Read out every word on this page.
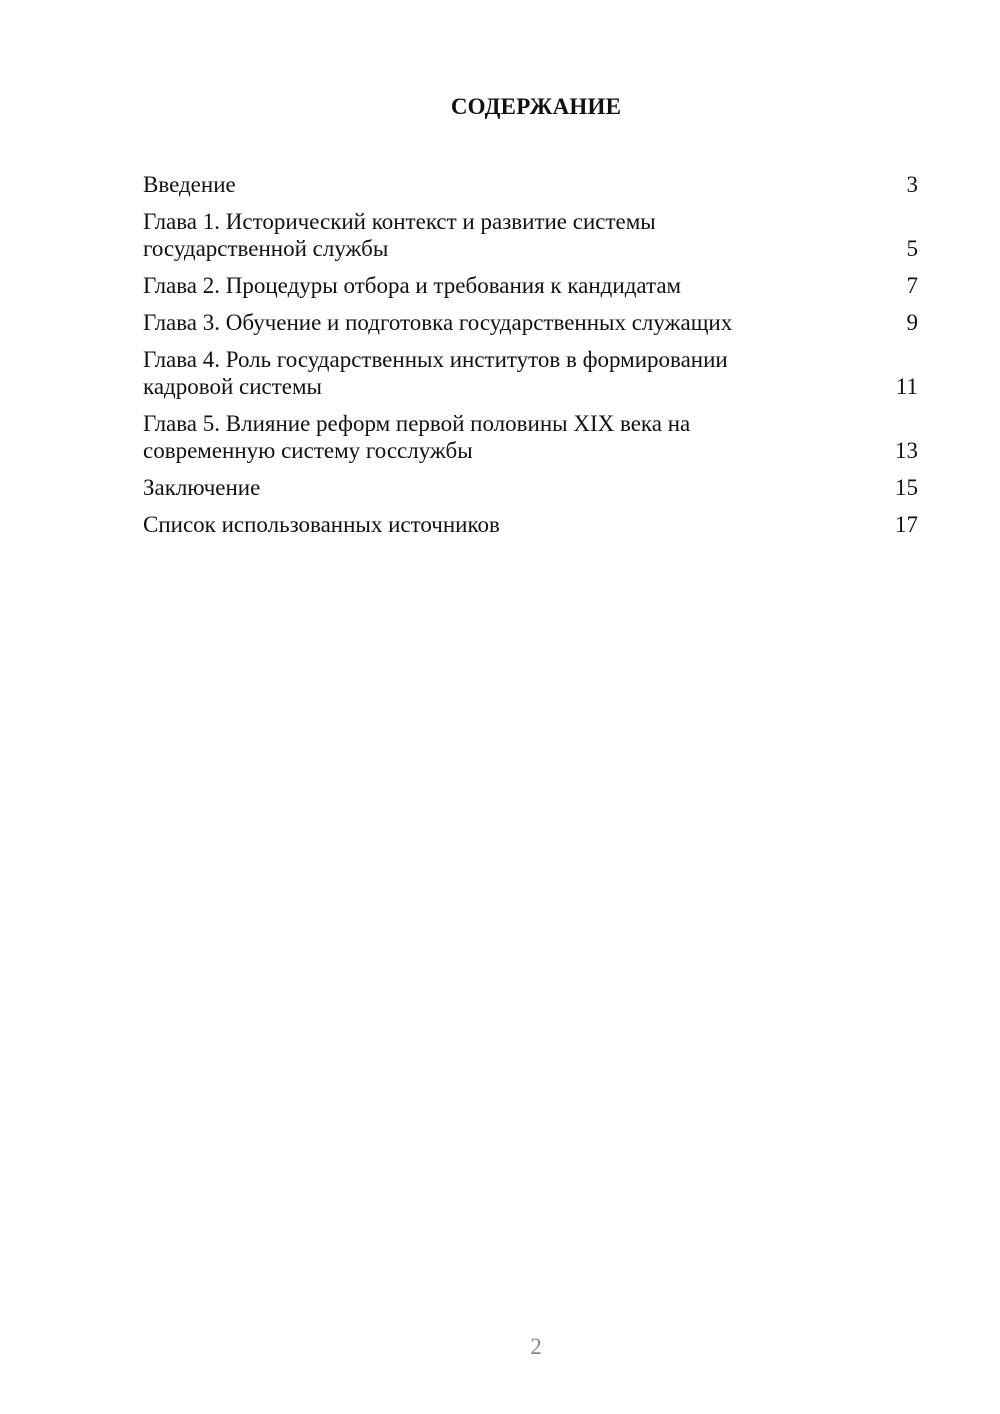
СОДЕРЖАНИЕ
Введение	3
Глава 1. Исторический контекст и развитие системы государственной службы	5
Глава 2. Процедуры отбора и требования к кандидатам	7
Глава 3. Обучение и подготовка государственных служащих	9
Глава 4. Роль государственных институтов в формировании кадровой системы	11
Глава 5. Влияние реформ первой половины XIX века на современную систему госслужбы	13
Заключение	15
Список использованных источников	17
2
